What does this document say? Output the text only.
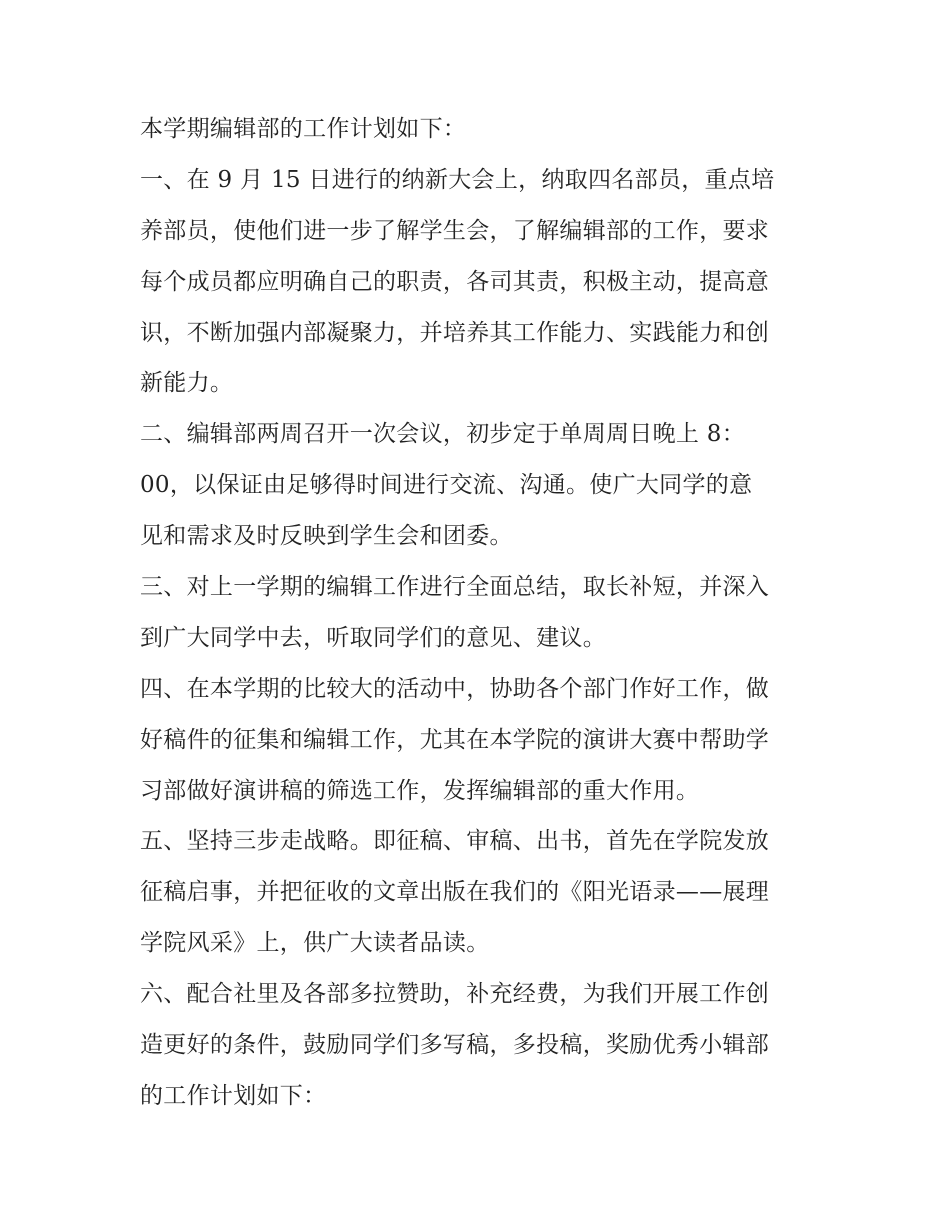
本学期编辑部的工作计划如下：
一、在 9 月 15 日进行的纳新大会上，纳取四名部员，重点培
养部员，使他们进一步了解学生会，了解编辑部的工作，要求
每个成员都应明确自己的职责，各司其责，积极主动，提高意
识，不断加强内部凝聚力，并培养其工作能力、实践能力和创
新能力。
二、编辑部两周召开一次会议，初步定于单周周日晚上 8：
00，以保证由足够得时间进行交流、沟通。使广大同学的意
见和需求及时反映到学生会和团委。
三、对上一学期的编辑工作进行全面总结，取长补短，并深入
到广大同学中去，听取同学们的意见、建议。
四、在本学期的比较大的活动中，协助各个部门作好工作，做
好稿件的征集和编辑工作，尤其在本学院的演讲大赛中帮助学
习部做好演讲稿的筛选工作，发挥编辑部的重大作用。
五、坚持三步走战略。即征稿、审稿、出书，首先在学院发放
征稿启事，并把征收的文章出版在我们的《阳光语录——展理
学院风采》上，供广大读者品读。
六、配合社里及各部多拉赞助，补充经费，为我们开展工作创
造更好的条件，鼓励同学们多写稿，多投稿，奖励优秀小辑部
的工作计划如下：
